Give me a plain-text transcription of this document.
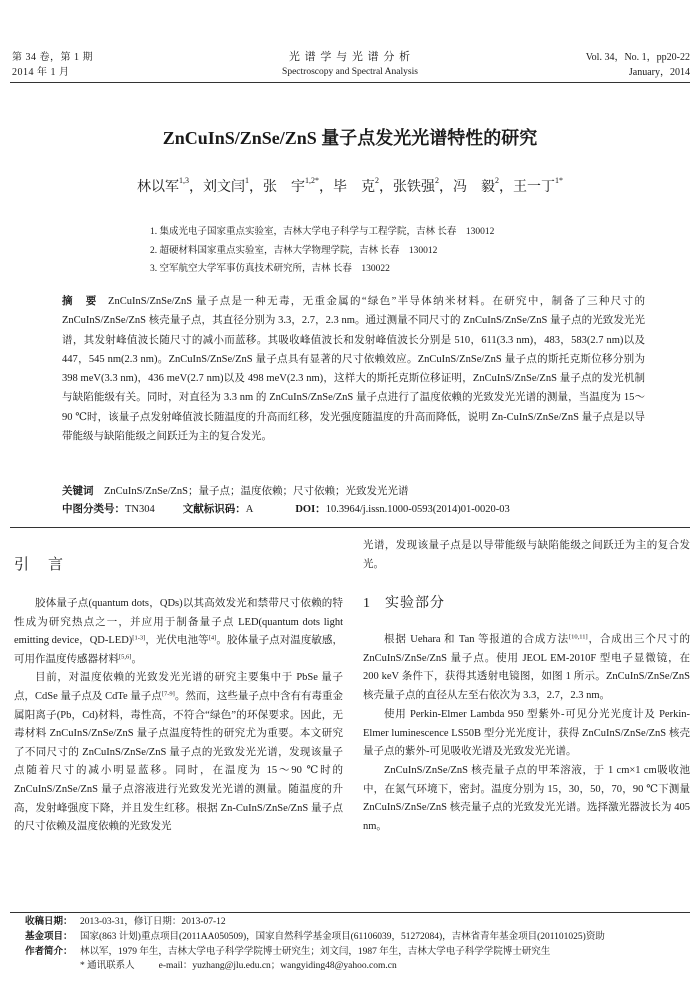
第 34 卷，第 1 期
2014 年 1 月
光 谱 学 与 光 谱 分 析
Spectroscopy and Spectral Analysis
Vol. 34，No. 1，pp20-22
January，2014
ZnCuInS/ZnSe/ZnS 量子点发光光谱特性的研究
林以军 1,3 ， 刘文闫 1 ， 张　宇 1,2* ， 毕　克 2 ， 张铁强 2 ， 冯　毅 2 ， 王一丁 1*
1. 集成光电子国家重点实验室，吉林大学电子科学与工程学院，吉林 长春　130012
2. 超硬材料国家重点实验室，吉林大学物理学院，吉林 长春　130012
3. 空军航空大学军事仿真技术研究所，吉林 长春　130022
摘　要 ZnCuInS/ZnSe/ZnS 量子点是一种无毒，无重金属的“绿色”半导体纳米材料。在研究中，制备了三种尺寸的 ZnCuInS/ZnSe/ZnS 核壳量子点，其直径分别为 3.3，2.7，2.3 nm。通过测量不同尺寸的 ZnCuInS/ZnSe/ZnS 量子点的光致发光光谱，其发射峰值波长随尺寸的减小而蓝移。其吸收峰值波长和发射峰值波长分别是 510，611(3.3 nm)，483，583(2.7 nm)以及 447，545 nm(2.3 nm)。ZnCuInS/ZnSe/ZnS 量子点具有显著的尺寸依赖效应。ZnCuInS/ZnSe/ZnS 量子点的斯托克斯位移分别为 398 meV(3.3 nm)，436 meV(2.7 nm)以及 498 meV(2.3 nm)，这样大的斯托克斯位移证明，ZnCuInS/ZnSe/ZnS 量子点的发光机制与缺陷能级有关。同时，对直径为 3.3 nm 的 ZnCuInS/ZnSe/ZnS 量子点进行了温度依赖的光致发光光谱的测量，当温度为 15～90 ℃时，该量子点发射峰值波长随温度的升高而红移，发光强度随温度的升高而降低，说明 Zn-CuInS/ZnSe/ZnS 量子点是以导带能级与缺陷能级之间跃迁为主的复合发光。
关键词 ZnCuInS/ZnSe/ZnS；量子点；温度依赖；尺寸依赖；光致发光光谱
中图分类号：TN304	文献标识码：A	DOI：10.3964/j.issn.1000-0593(2014)01-0020-03
引　言

胶体量子点(quantum dots，QDs)以其高效发光和禁带尺寸依赖的特性成为研究热点之一，并应用于制备量子点 LED(quantum dots light emitting device，QD-LED)[1-3]，光伏电池等[4]。胶体量子点对温度敏感，可用作温度传感器材料[5,6]。

目前，对温度依赖的光致发光光谱的研究主要集中于 PbSe 量子点，CdSe 量子点及 CdTe 量子点[7-9]。然而，这些量子点中含有有毒重金属阳离子(Pb，Cd)材料，毒性高，不符合“绿色”的环保要求。因此，无毒材料 ZnCuInS/ZnSe/ZnS 量子点温度特性的研究尤为重要。本文研究了不同尺寸的 ZnCuInS/ZnSe/ZnS 量子点的光致发光光谱，发现该量子点随着尺寸的减小明显蓝移。同时，在温度为 15～90 ℃时的 ZnCuInS/ZnSe/ZnS 量子点溶液进行光致发光光谱的测量。随温度的升高，发射峰强度下降，并且发生红移。根据 Zn-CuInS/ZnSe/ZnS 量子点的尺寸依赖及温度依赖的光致发光

光谱，发现该量子点是以导带能级与缺陷能级之间跃迁为主的复合发光。

1 实验部分

根据 Uehara 和 Tan 等报道的合成方法[10,11]，合成出三个尺寸的 ZnCuInS/ZnSe/ZnS 量子点。使用 JEOL EM-2010F 型电子显微镜，在 200 keV 条件下，获得其透射电镜图，如图 1 所示。ZnCuInS/ZnSe/ZnS 核壳量子点的直径从左至右依次为 3.3，2.7，2.3 nm。

使用 Perkin-Elmer Lambda 950 型紫外-可见分光光度计及 Perkin-Elmer luminescence LS50B 型分光光度计，获得 ZnCuInS/ZnSe/ZnS 核壳量子点的紫外-可见吸收光谱及光致发光光谱。

ZnCuInS/ZnSe/ZnS 核壳量子点的甲苯溶液，于 1 cm×1 cm吸收池中，在氮气环境下，密封。温度分别为 15，30，50，70，90 ℃下测量 ZnCuInS/ZnSe/ZnS 核壳量子点的光致发光光谱。选择激光器波长为 405 nm。

收稿日期： 2013-03-31，修订日期：2013-07-12
基金项目： 国家(863 计划)重点项目(2011AA050509)，国家自然科学基金项目(61106039，51272084)，吉林省青年基金项目(201101025)资助
作者简介： 林以军，1979 年生，吉林大学电子科学学院博士研究生；刘文闫，1987 年生，吉林大学电子科学学院博士研究生
* 通讯联系人	e-mail：yuzhang@jlu.edu.cn；wangyiding48@yahoo.com.cn
